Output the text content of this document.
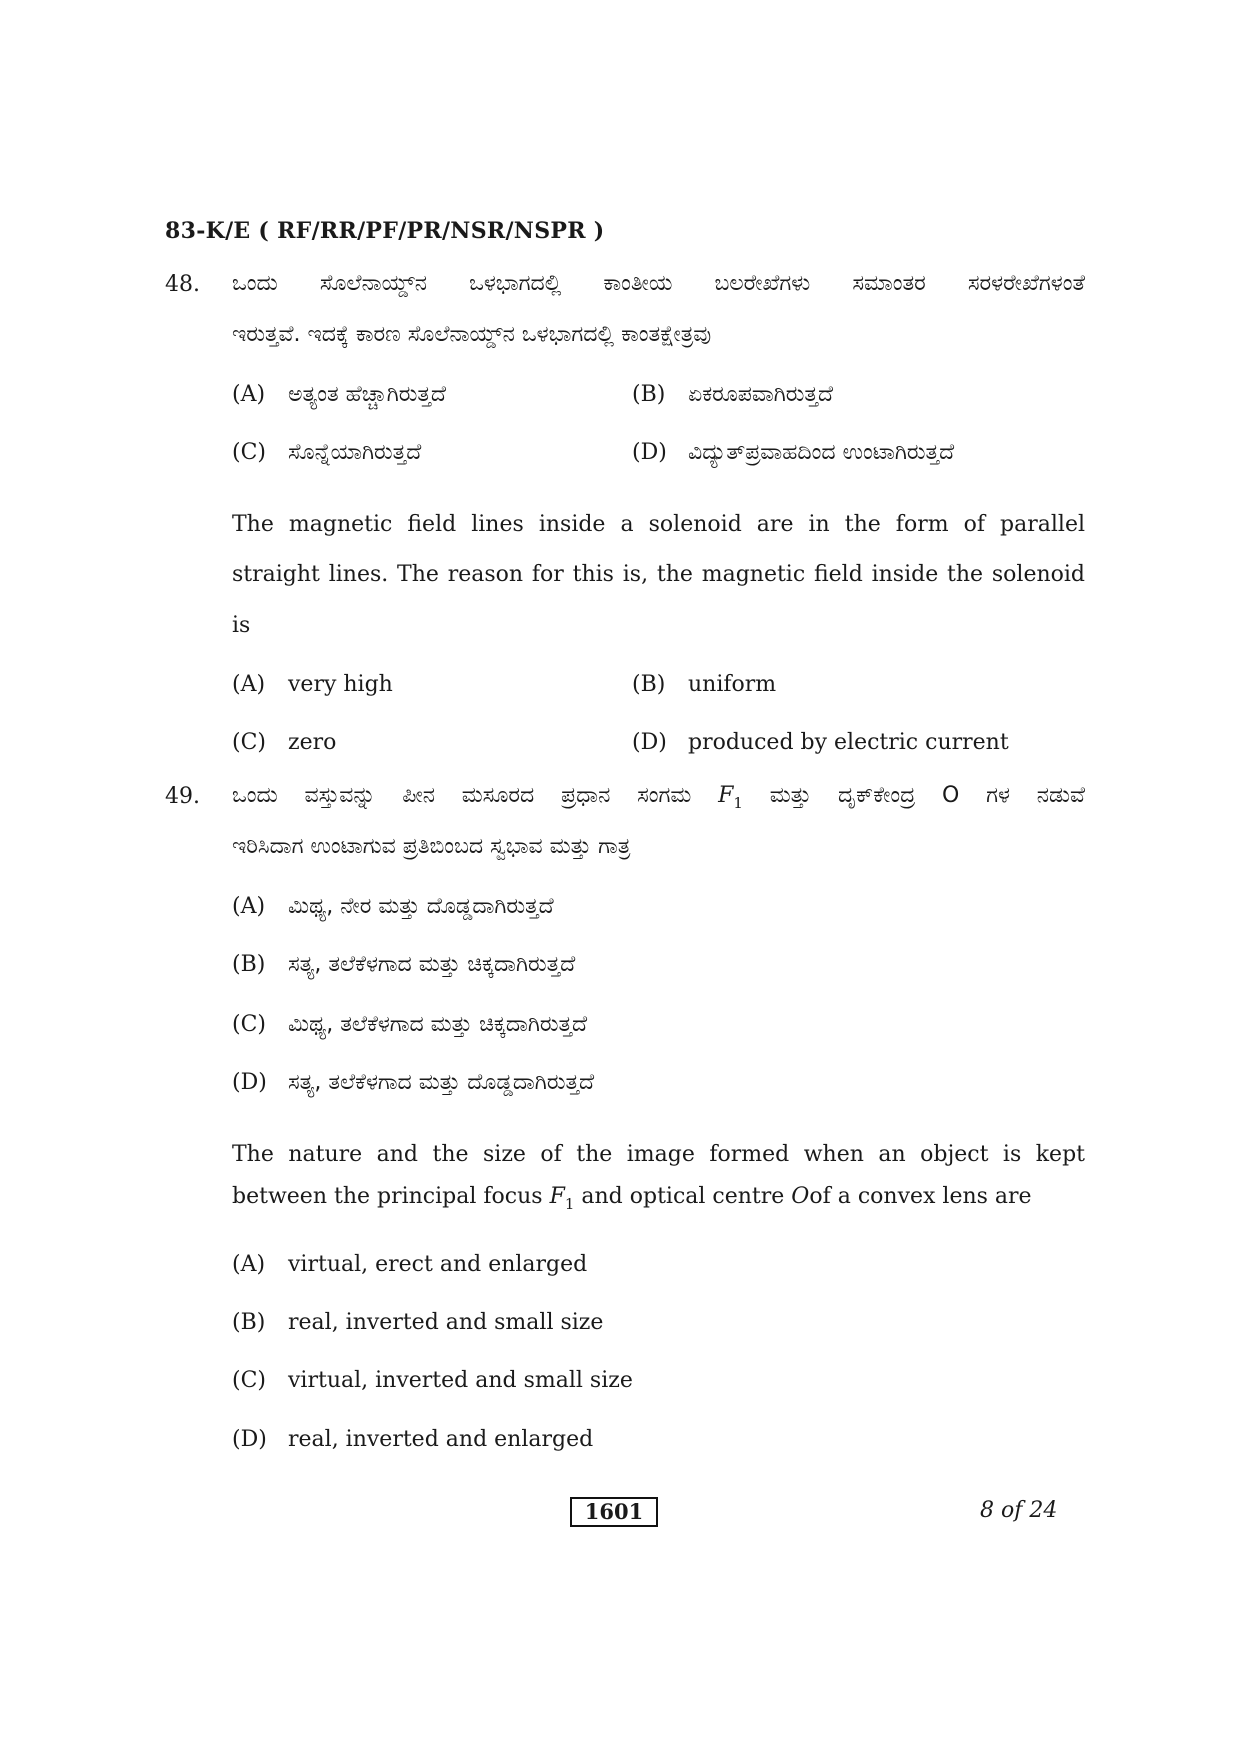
83-K/E ( RF/RR/PF/PR/NSR/NSPR )
48. ಒಂದು ಸೊಲೆನಾಯ್ಡ್‌ನ ಒಳಭಾಗದಲ್ಲಿ ಕಾಂತೀಯ ಬಲರೇಖೆಗಳು ಸಮಾಂತರ ಸರಳರೇಖೆಗಳಂತೆ
ಇರುತ್ತವೆ. ಇದಕ್ಕೆ ಕಾರಣ ಸೊಲೆನಾಯ್ಡ್‌ನ ಒಳಭಾಗದಲ್ಲಿ ಕಾಂತಕ್ಷೇತ್ರವು
(A) ಅತ್ಯಂತ ಹೆಚ್ಚಾಗಿರುತ್ತದೆ	(B) ಏಕರೂಪವಾಗಿರುತ್ತದೆ
(C) ಸೊನ್ನೆಯಾಗಿರುತ್ತದೆ	(D) ವಿದ್ಯುತ್‌ಪ್ರವಾಹದಿಂದ ಉಂಟಾಗಿರುತ್ತದೆ
The magnetic field lines inside a solenoid are in the form of parallel
straight lines. The reason for this is, the magnetic field inside the solenoid
is
(A) very high	(B) uniform
(C) zero	(D) produced by electric current
49. ಒಂದು ವಸ್ತುವನ್ನು ಪೀನ ಮಸೂರದ ಪ್ರಧಾನ ಸಂಗಮ $F_1$ ಮತ್ತು ದೃಕ್‌ಕೇಂದ್ರ O ಗಳ ನಡುವೆ
ಇರಿಸಿದಾಗ ಉಂಟಾಗುವ ಪ್ರತಿಬಿಂಬದ ಸ್ವಭಾವ ಮತ್ತು ಗಾತ್ರ
(A) ಮಿಥ್ಯ, ನೇರ ಮತ್ತು ದೊಡ್ಡದಾಗಿರುತ್ತದೆ
(B) ಸತ್ಯ, ತಲೆಕೆಳಗಾದ ಮತ್ತು ಚಿಕ್ಕದಾಗಿರುತ್ತದೆ
(C) ಮಿಥ್ಯ, ತಲೆಕೆಳಗಾದ ಮತ್ತು ಚಿಕ್ಕದಾಗಿರುತ್ತದೆ
(D) ಸತ್ಯ, ತಲೆಕೆಳಗಾದ ಮತ್ತು ದೊಡ್ಡದಾಗಿರುತ್ತದೆ
The nature and the size of the image formed when an object is kept
between the principal focus $F_1$ and optical centre Oof a convex lens are
(A) virtual, erect and enlarged
(B) real, inverted and small size
(C) virtual, inverted and small size
(D) real, inverted and enlarged
1601	8 of 24
